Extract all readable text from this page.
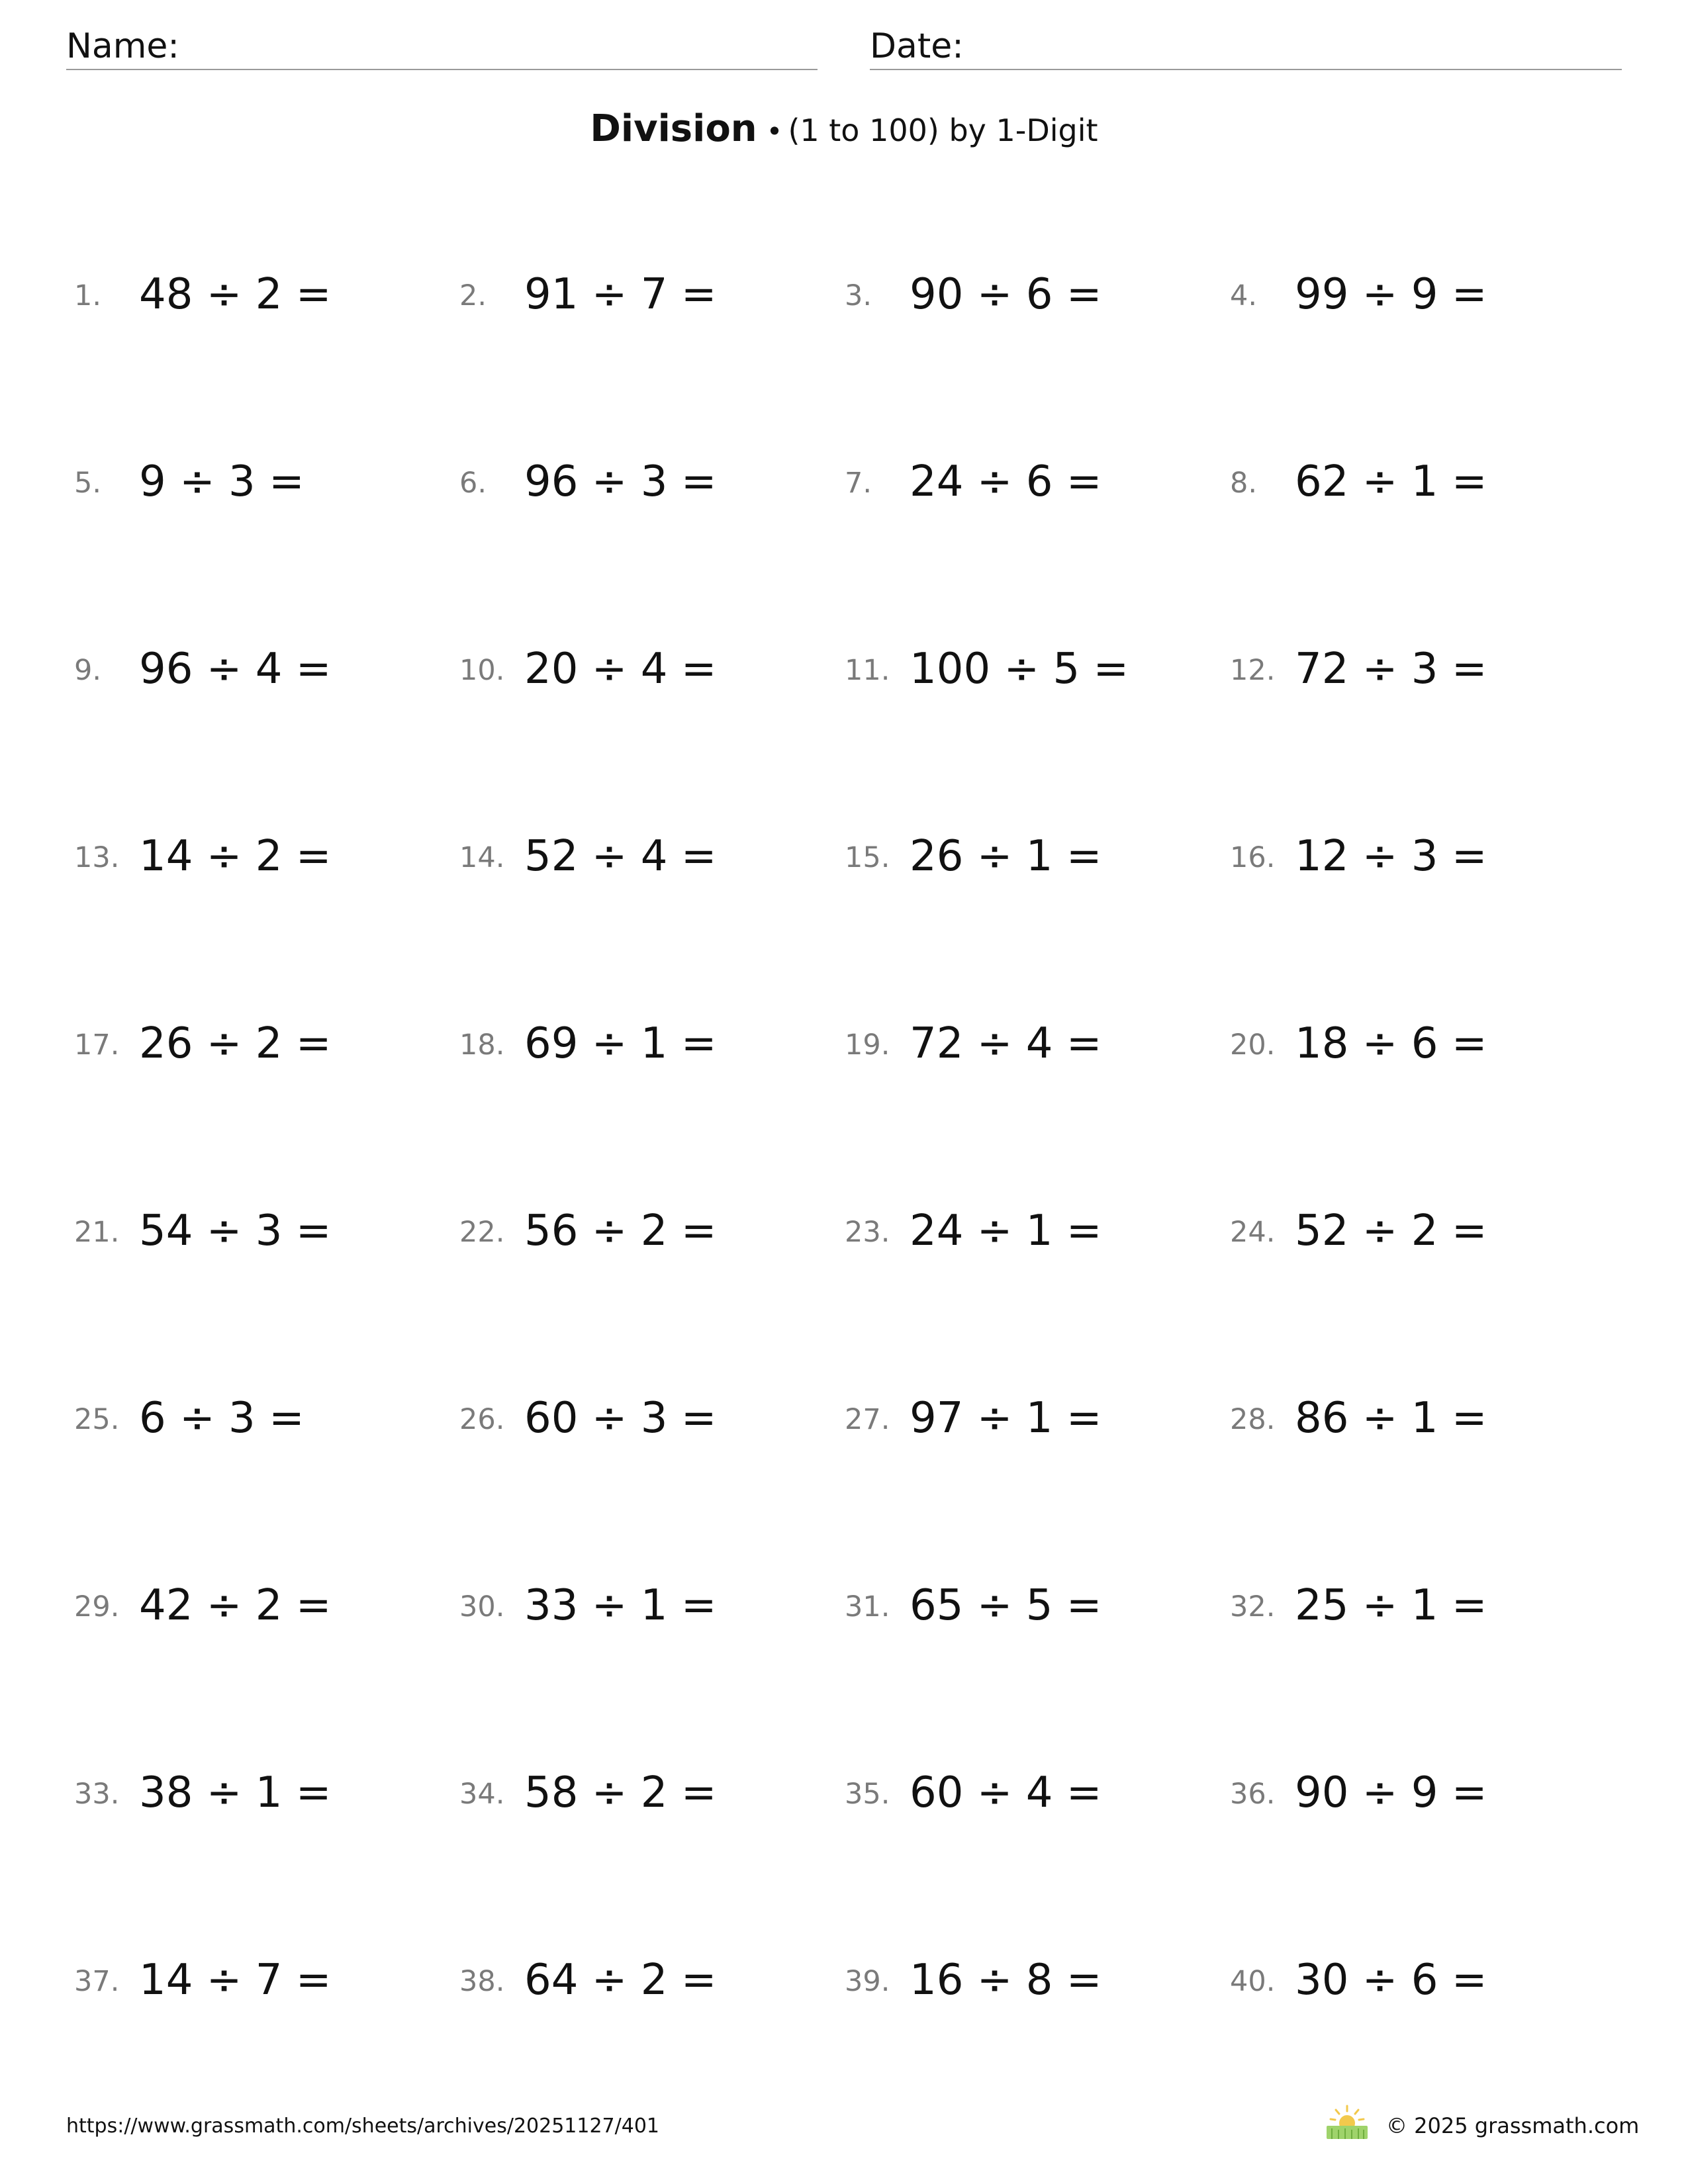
Name:	Date:
Division • (1 to 100) by 1-Digit
1. 48 ÷ 2 =	2. 91 ÷ 7 =	3. 90 ÷ 6 =	4. 99 ÷ 9 =
5. 9 ÷ 3 =	6. 96 ÷ 3 =	7. 24 ÷ 6 =	8. 62 ÷ 1 =
9. 96 ÷ 4 =	10. 20 ÷ 4 =	11. 100 ÷ 5 =	12. 72 ÷ 3 =
13. 14 ÷ 2 =	14. 52 ÷ 4 =	15. 26 ÷ 1 =	16. 12 ÷ 3 =
17. 26 ÷ 2 =	18. 69 ÷ 1 =	19. 72 ÷ 4 =	20. 18 ÷ 6 =
21. 54 ÷ 3 =	22. 56 ÷ 2 =	23. 24 ÷ 1 =	24. 52 ÷ 2 =
25. 6 ÷ 3 =	26. 60 ÷ 3 =	27. 97 ÷ 1 =	28. 86 ÷ 1 =
29. 42 ÷ 2 =	30. 33 ÷ 1 =	31. 65 ÷ 5 =	32. 25 ÷ 1 =
33. 38 ÷ 1 =	34. 58 ÷ 2 =	35. 60 ÷ 4 =	36. 90 ÷ 9 =
37. 14 ÷ 7 =	38. 64 ÷ 2 =	39. 16 ÷ 8 =	40. 30 ÷ 6 =
https://www.grassmath.com/sheets/archives/20251127/401	© 2025 grassmath.com
